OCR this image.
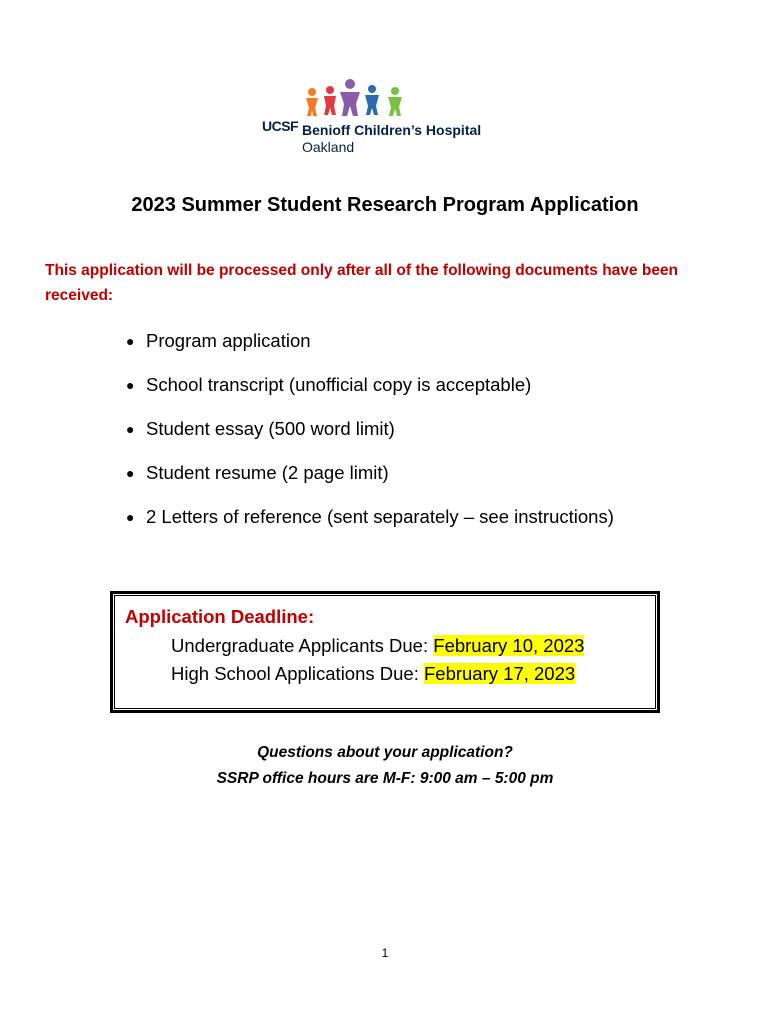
UCSF Benioff Children’s Hospital
Oakland
2023 Summer Student Research Program Application
This application will be processed only after all of the following documents have been received:
● Program application
● School transcript (unofficial copy is acceptable)
● Student essay (500 word limit)
● Student resume (2 page limit)
● 2 Letters of reference (sent separately – see instructions)
Application Deadline:
Undergraduate Applicants Due: February 10, 2023
High School Applications Due: February 17, 2023
Questions about your application?
SSRP office hours are M-F: 9:00 am – 5:00 pm
1
